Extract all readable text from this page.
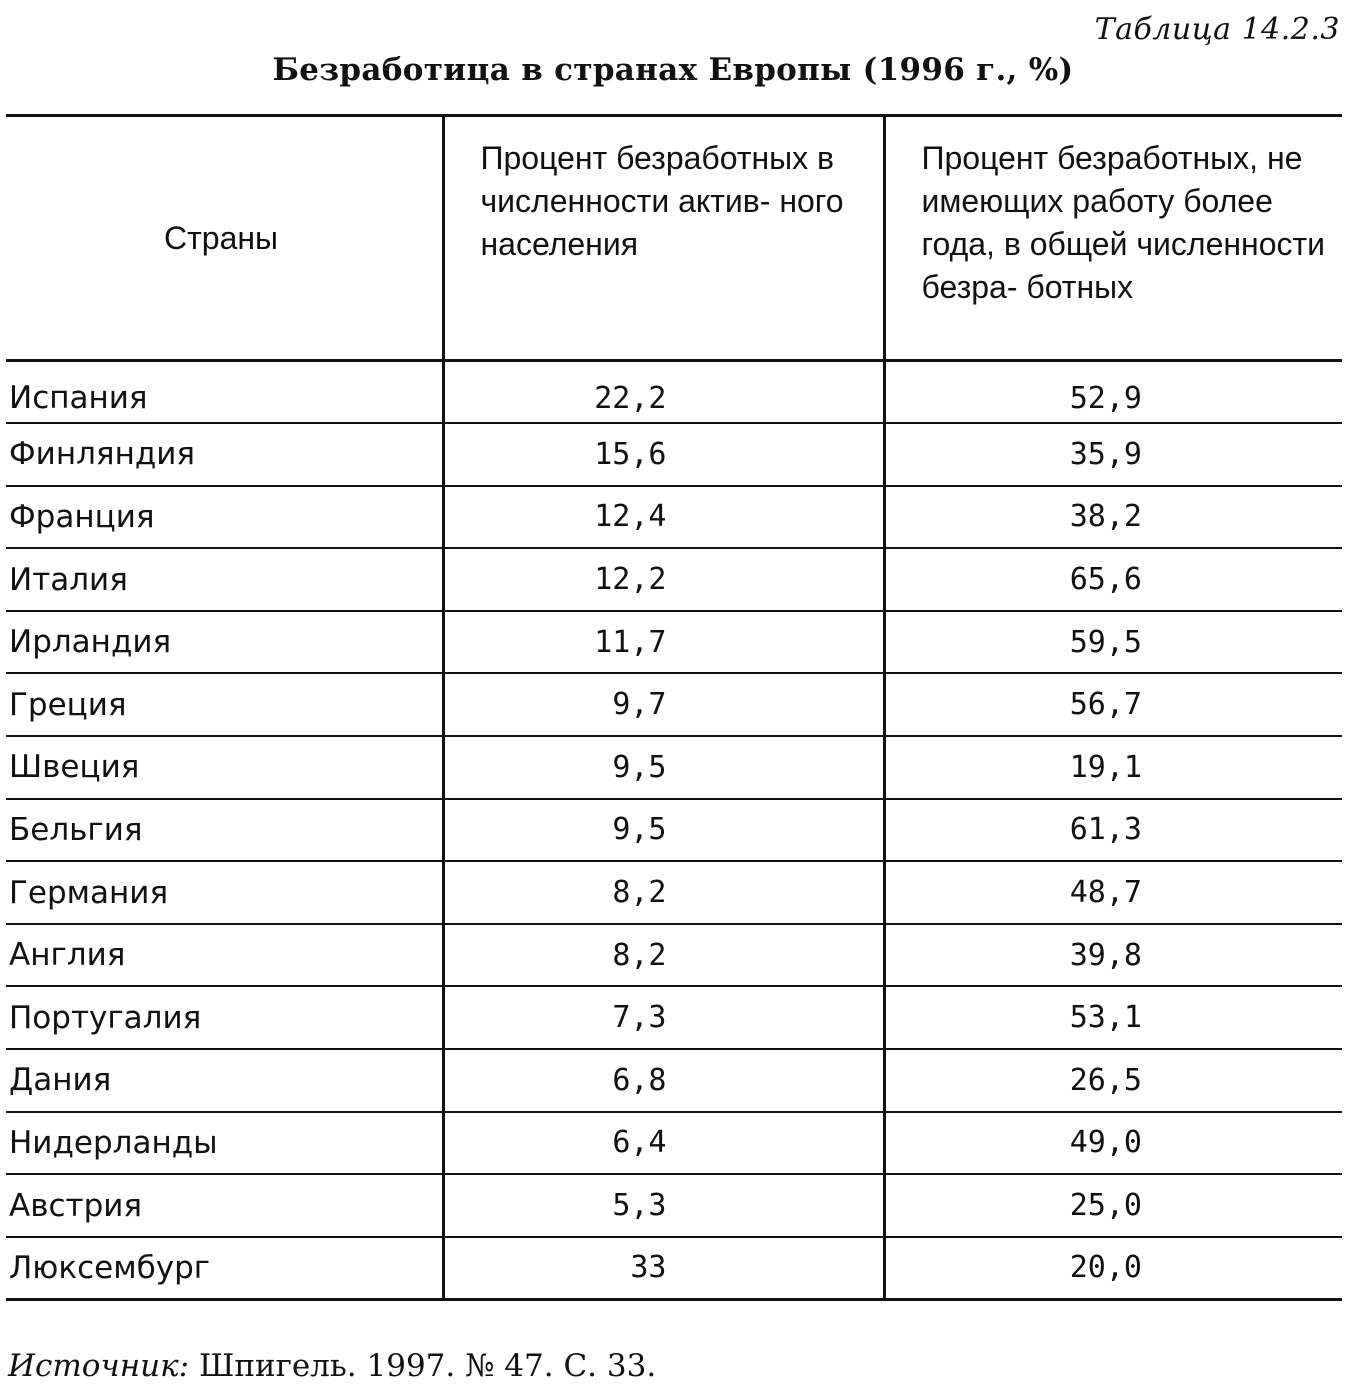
Таблица 14.2.3
Безработица в странах Европы (1996 г., %)
Страны	Процент безработных в численности актив- ного населения	Процент безработных, не имеющих работу более года, в общей численности безра- ботных
Испания	22,2	52,9
Финляндия	15,6	35,9
Франция	12,4	38,2
Италия	12,2	65,6
Ирландия	11,7	59,5
Греция	9,7	56,7
Швеция	9,5	19,1
Бельгия	9,5	61,3
Германия	8,2	48,7
Англия	8,2	39,8
Португалия	7,3	53,1
Дания	6,8	26,5
Нидерланды	6,4	49,0
Австрия	5,3	25,0
Люксембург	33	20,0
Источник: Шпигель. 1997. № 47. С. 33.
